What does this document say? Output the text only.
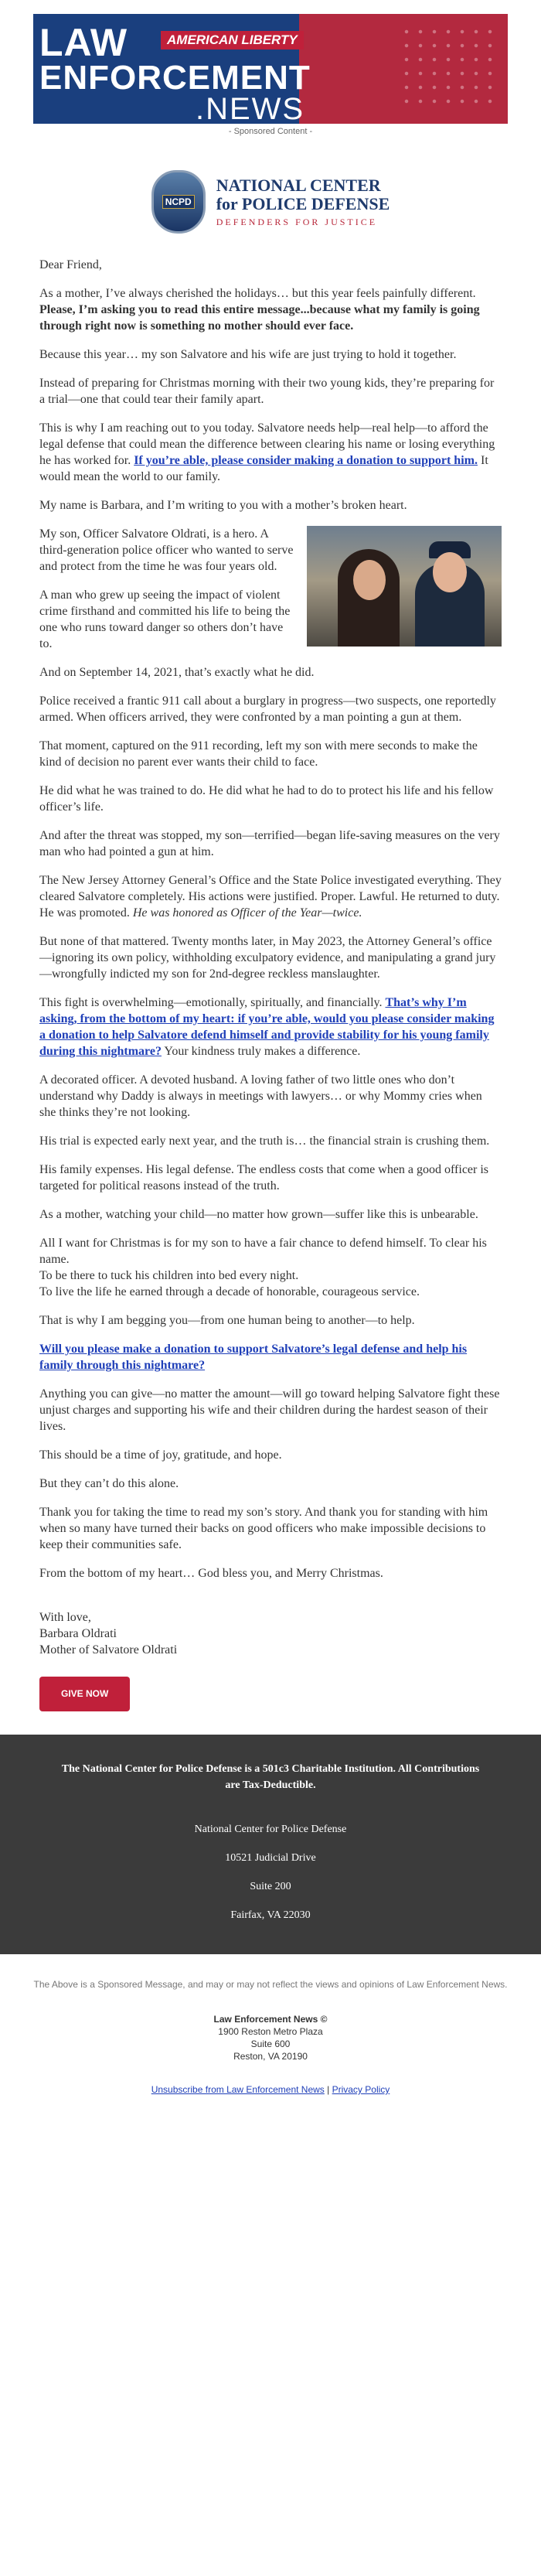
LAW	AMERICAN LIBERTY
ENFORCEMENT
.NEWS
- Sponsored Content -
NCPD
NATIONAL CENTER
for POLICE DEFENSE
DEFENDERS FOR JUSTICE

Dear Friend,

As a mother, I’ve always cherished the holidays… but this year feels painfully different. Please, I’m asking you to read this entire message...because what my family is going through right now is something no mother should ever face.

Because this year… my son Salvatore and his wife are just trying to hold it together.

Instead of preparing for Christmas morning with their two young kids, they’re preparing for a trial—one that could tear their family apart.

This is why I am reaching out to you today. Salvatore needs help—real help—to afford the legal defense that could mean the difference between clearing his name or losing everything he has worked for. If you’re able, please consider making a donation to support him. It would mean the world to our family.

My name is Barbara, and I’m writing to you with a mother’s broken heart.

My son, Officer Salvatore Oldrati, is a hero. A third-generation police officer who wanted to serve and protect from the time he was four years old.

A man who grew up seeing the impact of violent crime firsthand and committed his life to being the one who runs toward danger so others don’t have to.

And on September 14, 2021, that’s exactly what he did.

Police received a frantic 911 call about a burglary in progress—two suspects, one reportedly armed. When officers arrived, they were confronted by a man pointing a gun at them.

That moment, captured on the 911 recording, left my son with mere seconds to make the kind of decision no parent ever wants their child to face.

He did what he was trained to do. He did what he had to do to protect his life and his fellow officer’s life.

And after the threat was stopped, my son—terrified—began life-saving measures on the very man who had pointed a gun at him.

The New Jersey Attorney General’s Office and the State Police investigated everything. They cleared Salvatore completely. His actions were justified. Proper. Lawful. He returned to duty. He was promoted. He was honored as Officer of the Year—twice.

But none of that mattered. Twenty months later, in May 2023, the Attorney General’s office—ignoring its own policy, withholding exculpatory evidence, and manipulating a grand jury—wrongfully indicted my son for 2nd-degree reckless manslaughter.

This fight is overwhelming—emotionally, spiritually, and financially. That’s why I’m asking, from the bottom of my heart: if you’re able, would you please consider making a donation to help Salvatore defend himself and provide stability for his young family during this nightmare? Your kindness truly makes a difference.

A decorated officer. A devoted husband. A loving father of two little ones who don’t understand why Daddy is always in meetings with lawyers… or why Mommy cries when she thinks they’re not looking.

His trial is expected early next year, and the truth is… the financial strain is crushing them.

His family expenses. His legal defense. The endless costs that come when a good officer is targeted for political reasons instead of the truth.

As a mother, watching your child—no matter how grown—suffer like this is unbearable.

All I want for Christmas is for my son to have a fair chance to defend himself. To clear his name.
To be there to tuck his children into bed every night.
To live the life he earned through a decade of honorable, courageous service.

That is why I am begging you—from one human being to another—to help.

Will you please make a donation to support Salvatore’s legal defense and help his family through this nightmare?

Anything you can give—no matter the amount—will go toward helping Salvatore fight these unjust charges and supporting his wife and their children during the hardest season of their lives.

This should be a time of joy, gratitude, and hope.

But they can’t do this alone.

Thank you for taking the time to read my son’s story. And thank you for standing with him when so many have turned their backs on good officers who make impossible decisions to keep their communities safe.

From the bottom of my heart… God bless you, and Merry Christmas.

With love,
Barbara Oldrati
Mother of Salvatore Oldrati

GIVE NOW
The National Center for Police Defense is a 501c3 Charitable Institution. All Contributions are Tax-Deductible.
National Center for Police Defense
10521 Judicial Drive
Suite 200
Fairfax, VA 22030
The Above is a Sponsored Message, and may or may not reflect the views and opinions of Law Enforcement News.
Law Enforcement News ©
1900 Reston Metro Plaza
Suite 600
Reston, VA 20190
Unsubscribe from Law Enforcement News | Privacy Policy
